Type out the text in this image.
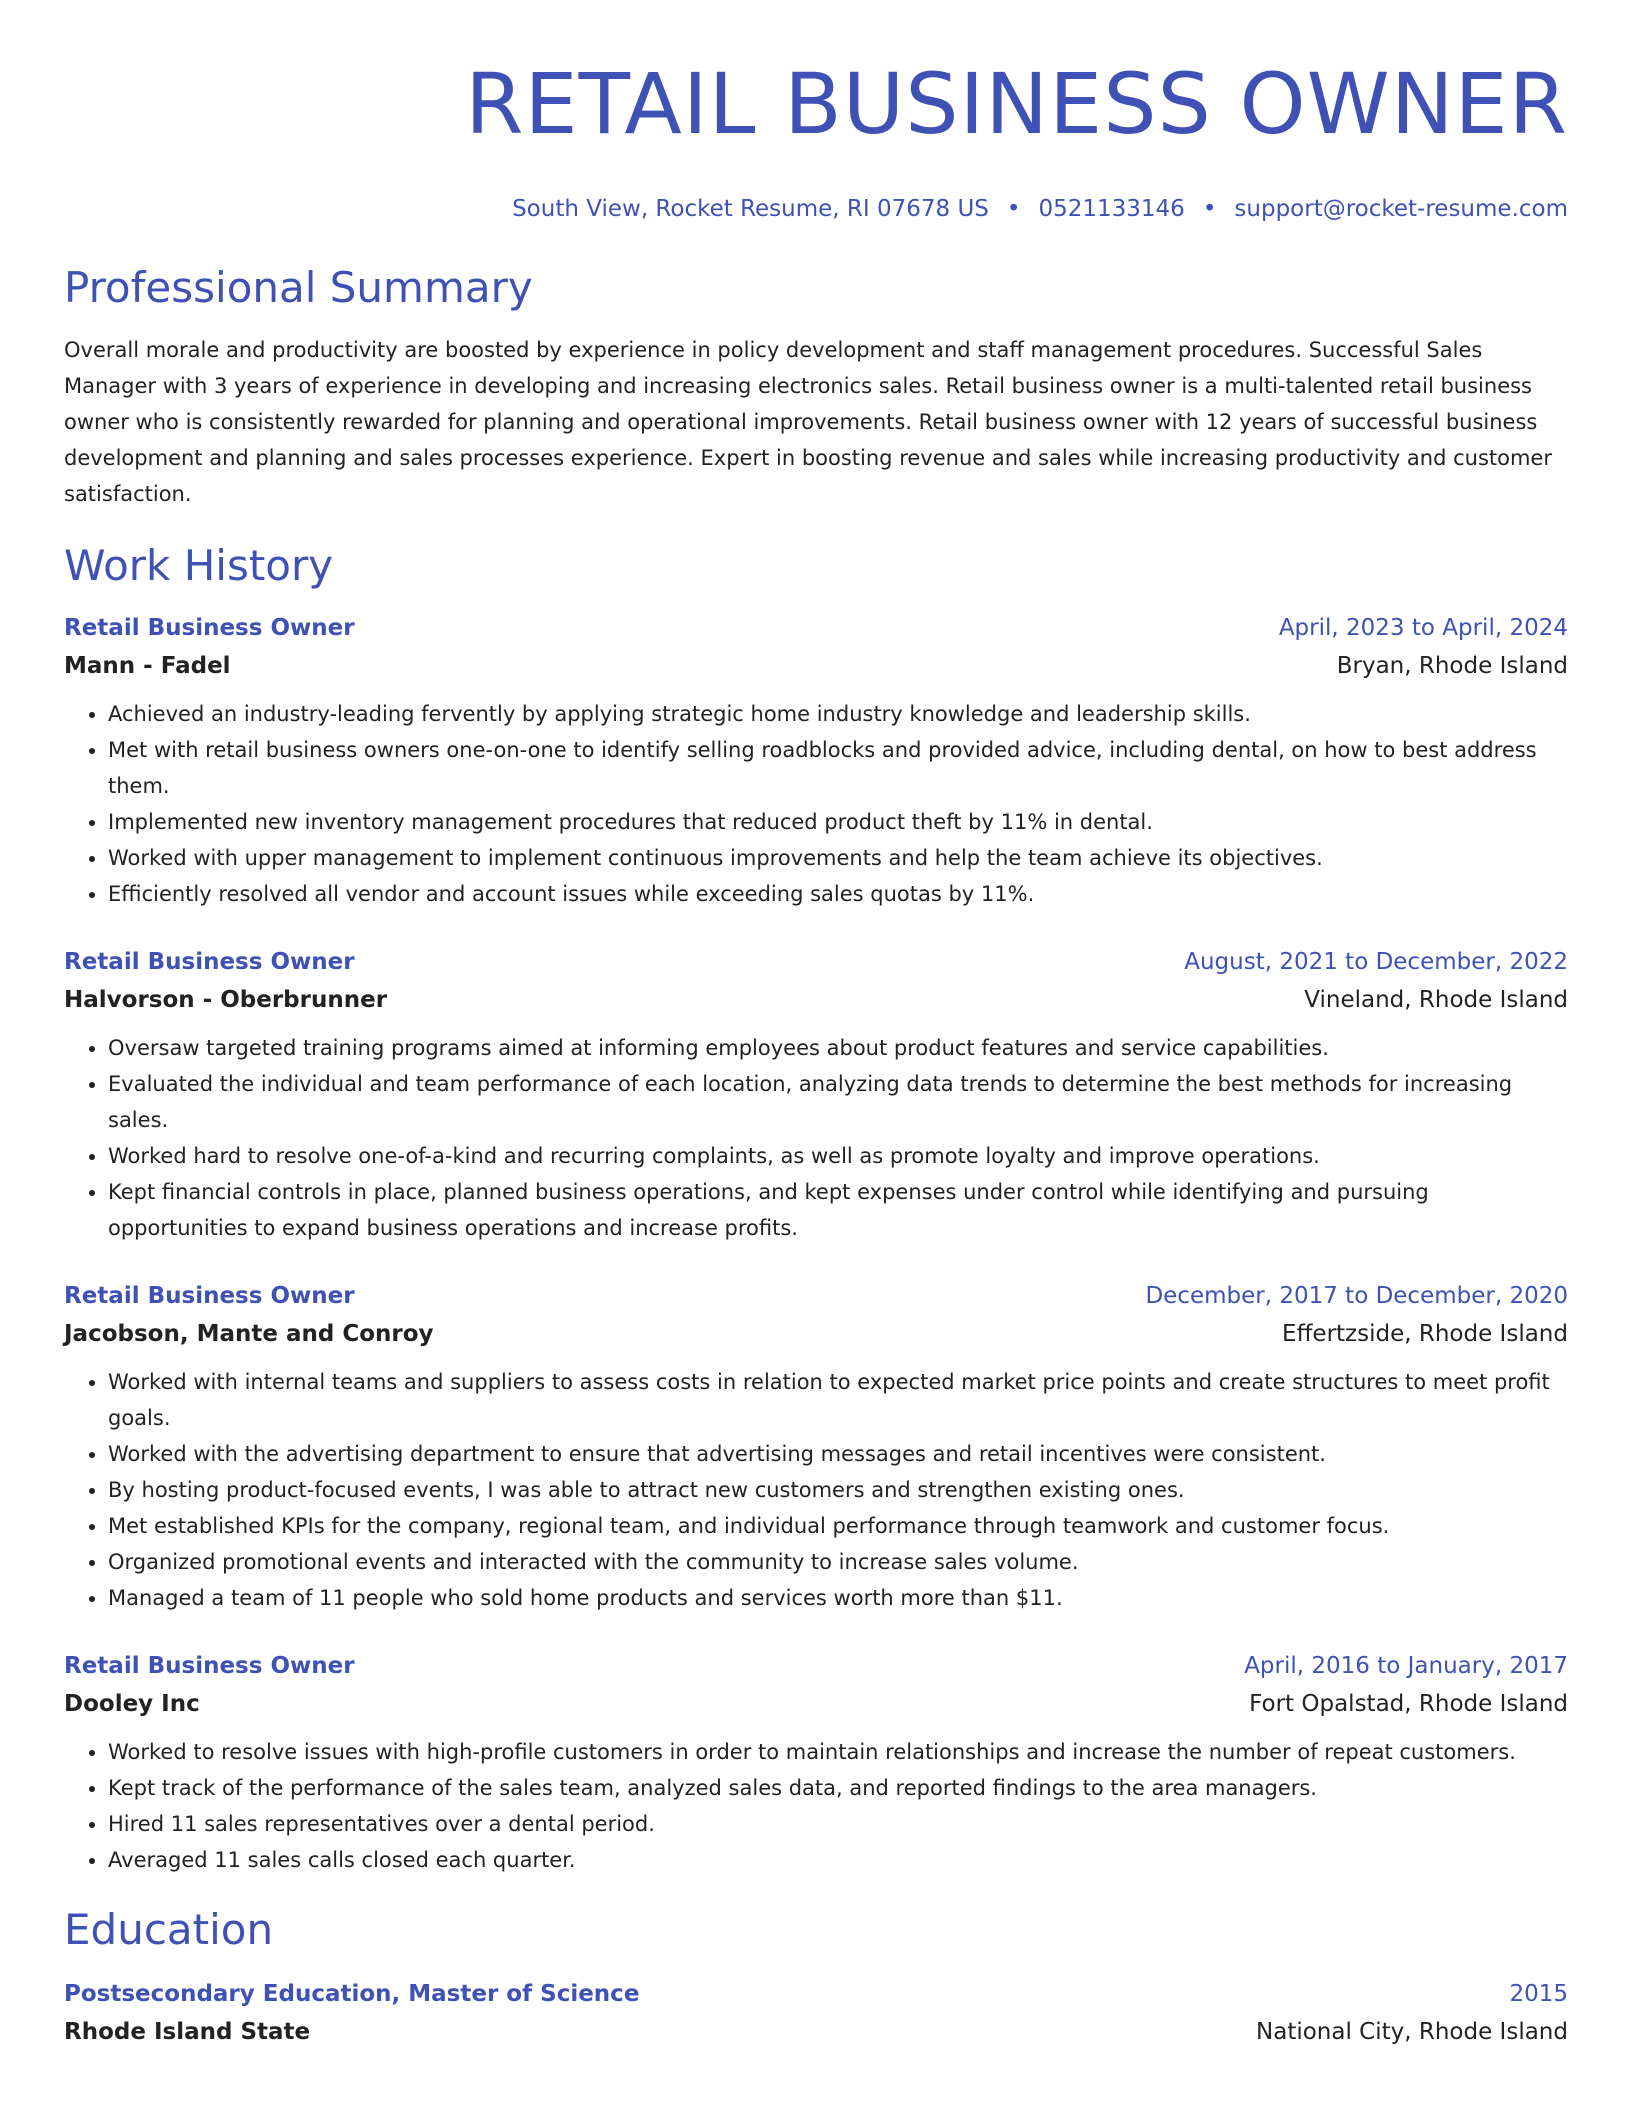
RETAIL BUSINESS OWNER
South View, Rocket Resume, RI 07678 US • 0521133146 • support@rocket-resume.com
Professional Summary
Overall morale and productivity are boosted by experience in policy development and staff management procedures. Successful Sales Manager with 3 years of experience in developing and increasing electronics sales. Retail business owner is a multi-talented retail business owner who is consistently rewarded for planning and operational improvements. Retail business owner with 12 years of successful business development and planning and sales processes experience. Expert in boosting revenue and sales while increasing productivity and customer satisfaction.
Work History
Retail Business Owner	April, 2023 to April, 2024
Mann - Fadel	Bryan, Rhode Island
• Achieved an industry-leading fervently by applying strategic home industry knowledge and leadership skills.
• Met with retail business owners one-on-one to identify selling roadblocks and provided advice, including dental, on how to best address them.
• Implemented new inventory management procedures that reduced product theft by 11% in dental.
• Worked with upper management to implement continuous improvements and help the team achieve its objectives.
• Efficiently resolved all vendor and account issues while exceeding sales quotas by 11%.
Retail Business Owner	August, 2021 to December, 2022
Halvorson - Oberbrunner	Vineland, Rhode Island
• Oversaw targeted training programs aimed at informing employees about product features and service capabilities.
• Evaluated the individual and team performance of each location, analyzing data trends to determine the best methods for increasing sales.
• Worked hard to resolve one-of-a-kind and recurring complaints, as well as promote loyalty and improve operations.
• Kept financial controls in place, planned business operations, and kept expenses under control while identifying and pursuing opportunities to expand business operations and increase profits.
Retail Business Owner	December, 2017 to December, 2020
Jacobson, Mante and Conroy	Effertzside, Rhode Island
• Worked with internal teams and suppliers to assess costs in relation to expected market price points and create structures to meet profit goals.
• Worked with the advertising department to ensure that advertising messages and retail incentives were consistent.
• By hosting product-focused events, I was able to attract new customers and strengthen existing ones.
• Met established KPIs for the company, regional team, and individual performance through teamwork and customer focus.
• Organized promotional events and interacted with the community to increase sales volume.
• Managed a team of 11 people who sold home products and services worth more than $11.
Retail Business Owner	April, 2016 to January, 2017
Dooley Inc	Fort Opalstad, Rhode Island
• Worked to resolve issues with high-profile customers in order to maintain relationships and increase the number of repeat customers.
• Kept track of the performance of the sales team, analyzed sales data, and reported findings to the area managers.
• Hired 11 sales representatives over a dental period.
• Averaged 11 sales calls closed each quarter.
Education
Postsecondary Education, Master of Science	2015
Rhode Island State	National City, Rhode Island
